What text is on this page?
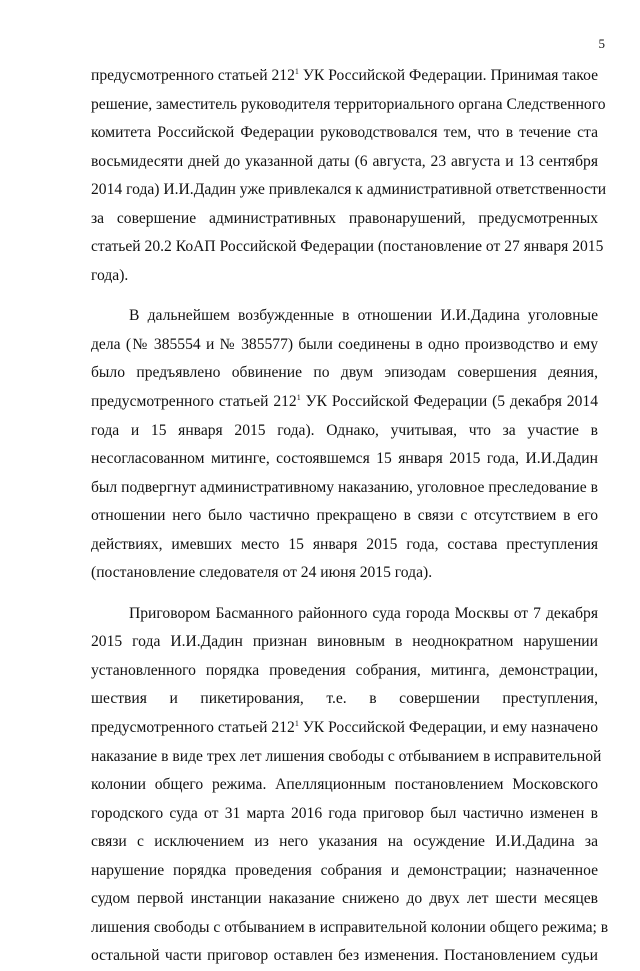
5
предусмотренного статьей $212^1$ УК Российской Федерации. Принимая такое
решение, заместитель руководителя территориального органа Следственного
комитета Российской Федерации руководствовался тем, что в течение ста
восьмидесяти дней до указанной даты (6 августа, 23 августа и 13 сентября
2014 года) И.И.Дадин уже привлекался к административной ответственности
за совершение административных правонарушений, предусмотренных
статьей 20.2 КоАП Российской Федерации (постановление от 27 января 2015
года).
В дальнейшем возбужденные в отношении И.И.Дадина уголовные
дела (№ 385554 и № 385577) были соединены в одно производство и ему
было предъявлено обвинение по двум эпизодам совершения деяния,
предусмотренного статьей $212^1$ УК Российской Федерации (5 декабря 2014
года и 15 января 2015 года). Однако, учитывая, что за участие в
несогласованном митинге, состоявшемся 15 января 2015 года, И.И.Дадин
был подвергнут административному наказанию, уголовное преследование в
отношении него было частично прекращено в связи с отсутствием в его
действиях, имевших место 15 января 2015 года, состава преступления
(постановление следователя от 24 июня 2015 года).
Приговором Басманного районного суда города Москвы от 7 декабря
2015 года И.И.Дадин признан виновным в неоднократном нарушении
установленного порядка проведения собрания, митинга, демонстрации,
шествия и пикетирования, т.е. в совершении преступления,
предусмотренного статьей $212^1$ УК Российской Федерации, и ему назначено
наказание в виде трех лет лишения свободы с отбыванием в исправительной
колонии общего режима. Апелляционным постановлением Московского
городского суда от 31 марта 2016 года приговор был частично изменен в
связи с исключением из него указания на осуждение И.И.Дадина за
нарушение порядка проведения собрания и демонстрации; назначенное
судом первой инстанции наказание снижено до двух лет шести месяцев
лишения свободы с отбыванием в исправительной колонии общего режима; в
остальной части приговор оставлен без изменения. Постановлением судьи
